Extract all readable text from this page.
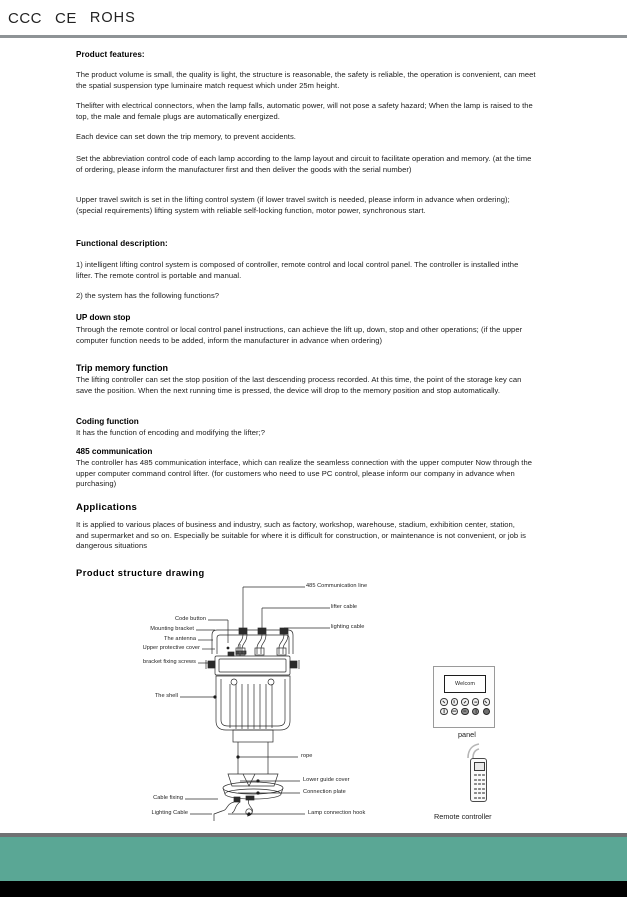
CCC CE ROHS
Product features:
The product volume is small, the quality is light, the structure is reasonable, the safety is reliable, the operation is convenient, can meet the spatial suspension type luminaire match request which under 25m height.
Thelifter with electrical connectors, when the lamp falls, automatic power, will not pose a safety hazard; When the lamp is raised to the top, the male and female plugs are automatically energized.
Each device can set down the trip memory, to prevent accidents.
Set the abbreviation control code of each lamp according to the lamp layout and circuit to facilitate operation and memory. (at the time of ordering, please inform the manufacturer first and then deliver the goods with the serial number)
Upper travel switch is set in the lifting control system (if lower travel switch is needed, please inform in advance when ordering);(special requirements) lifting system with reliable self-locking function, motor power, synchronous start.
Functional description:
1) intelligent lifting control system is composed of controller, remote control and local control panel. The controller is installed inthe lifter. The remote control is portable and manual.
2) the system has the following functions?
UP down stop
Through the remote control or local control panel instructions, can achieve the lift up, down, stop and other operations; (if the upper computer function needs to be added, inform the manufacturer in advance when ordering)
Trip memory function
The lifting controller can set the stop position of the last descending process recorded. At this time, the point of the storage key can save the position. When the next running time is pressed, the device will drop to the memory position and stop automatically.
Coding function
It has the function of encoding and modifying the lifter;?
485 communication
The controller has 485 communication interface, which can realize the seamless connection with the upper computer Now through the upper computer command control lifter. (for customers who need to use PC control, please inform our company in advance when purchasing)
Applications
It is applied to various places of business and industry, such as factory, workshop, warehouse, stadium, exhibition center, station, and supermarket and so on. Especially be suitable for where it is difficult for construction, or maintenance is not convenient, or job is dangerous situations
Product structure drawing
485 Communication line
lifter cable
lighting cable
Code button
Mounting bracket
The antenna
Upper protective cover
bracket fixing screws
The shell
Cable fixing
Lighting Cable
rope
Lower guide cover
Connection plate
Lamp connection hook
Welcom
panel
Remote controller
